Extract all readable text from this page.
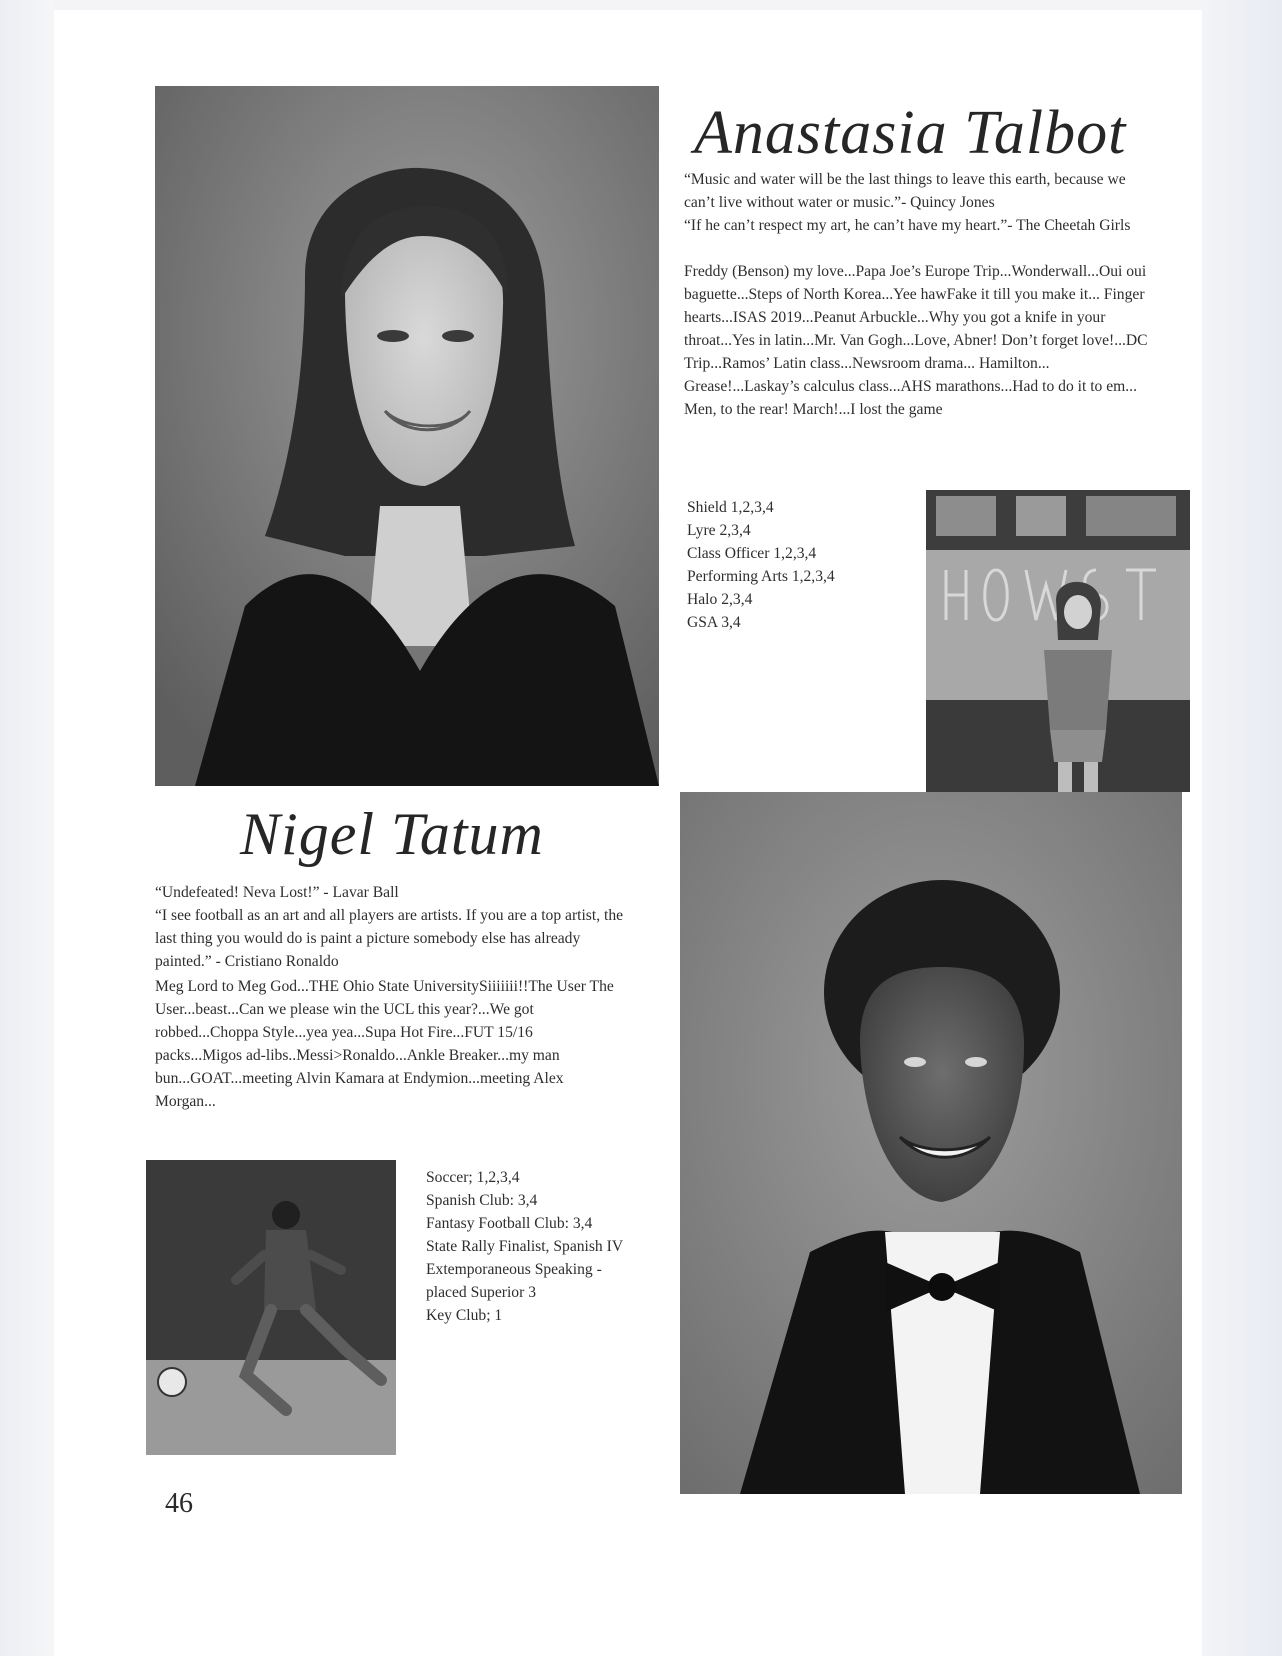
Anastasia Talbot

“Music and water will be the last things to leave this earth, because we can’t live without water or music.”- Quincy Jones

“If he can’t respect my art, he can’t have my heart.”- The Cheetah Girls

Freddy (Benson) my love...Papa Joe’s Europe Trip...Wonderwall...Oui oui baguette...Steps of North Korea...Yee hawFake it till you make it... Finger hearts...ISAS 2019...Peanut Arbuckle...Why you got a knife in your throat...Yes in latin...Mr. Van Gogh...Love, Abner! Don’t forget love!...DC Trip...Ramos’ Latin class...Newsroom drama... Hamilton... Grease!...Laskay’s calculus class...AHS marathons...Had to do it to em... Men, to the rear! March!...I lost the game
Shield 1,2,3,4
Lyre 2,3,4
Class Officer 1,2,3,4
Performing Arts 1,2,3,4
Halo 2,3,4
GSA 3,4
Nigel Tatum

“Undefeated! Neva Lost!” - Lavar Ball

“I see football as an art and all players are artists. If you are a top artist, the last thing you would do is paint a picture somebody else has already painted.” - Cristiano Ronaldo

Meg Lord to Meg God...THE Ohio State UniversitySiiiiiii!!The User The User...beast...Can we please win the UCL this year?...We got robbed...Choppa Style...yea yea...Supa Hot Fire...FUT 15/16 packs...Migos ad-libs..Messi>Ronaldo...Ankle Breaker...my man bun...GOAT...meeting Alvin Kamara at Endymion...meeting Alex Morgan...
Soccer; 1,2,3,4
Spanish Club: 3,4
Fantasy Football Club: 3,4
State Rally Finalist, Spanish IV
Extemporaneous Speaking -
placed Superior 3
Key Club; 1
46
